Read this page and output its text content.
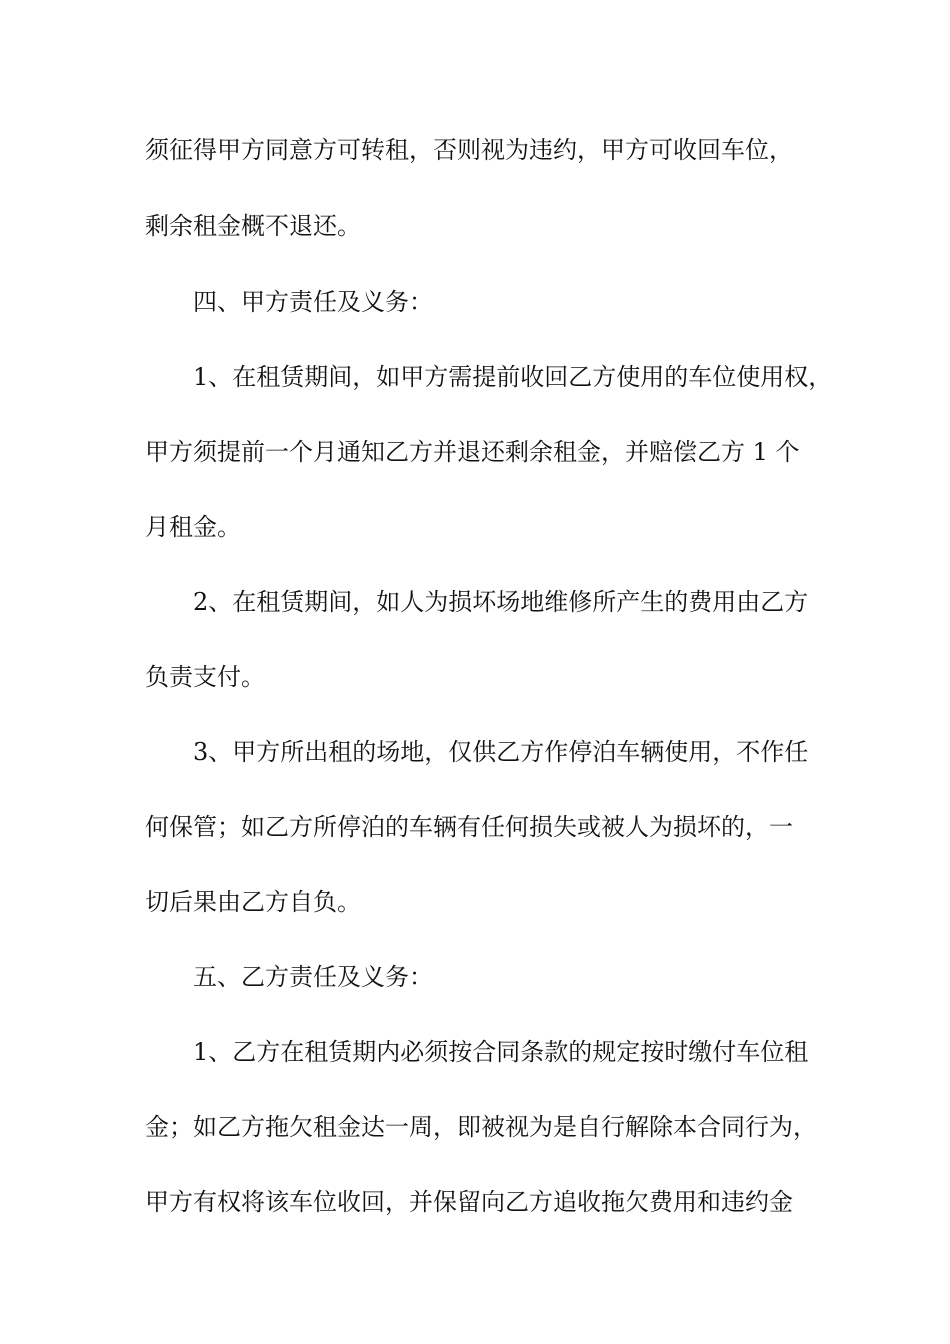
须征得甲方同意方可转租，否则视为违约，甲方可收回车位，
剩余租金概不退还。
四、甲方责任及义务：
1、在租赁期间，如甲方需提前收回乙方使用的车位使用权，
甲方须提前一个月通知乙方并退还剩余租金，并赔偿乙方 1 个
月租金。
2、在租赁期间，如人为损坏场地维修所产生的费用由乙方
负责支付。
3、甲方所出租的场地，仅供乙方作停泊车辆使用，不作任
何保管；如乙方所停泊的车辆有任何损失或被人为损坏的，一
切后果由乙方自负。
五、乙方责任及义务：
1、乙方在租赁期内必须按合同条款的规定按时缴付车位租
金；如乙方拖欠租金达一周，即被视为是自行解除本合同行为，
甲方有权将该车位收回，并保留向乙方追收拖欠费用和违约金
